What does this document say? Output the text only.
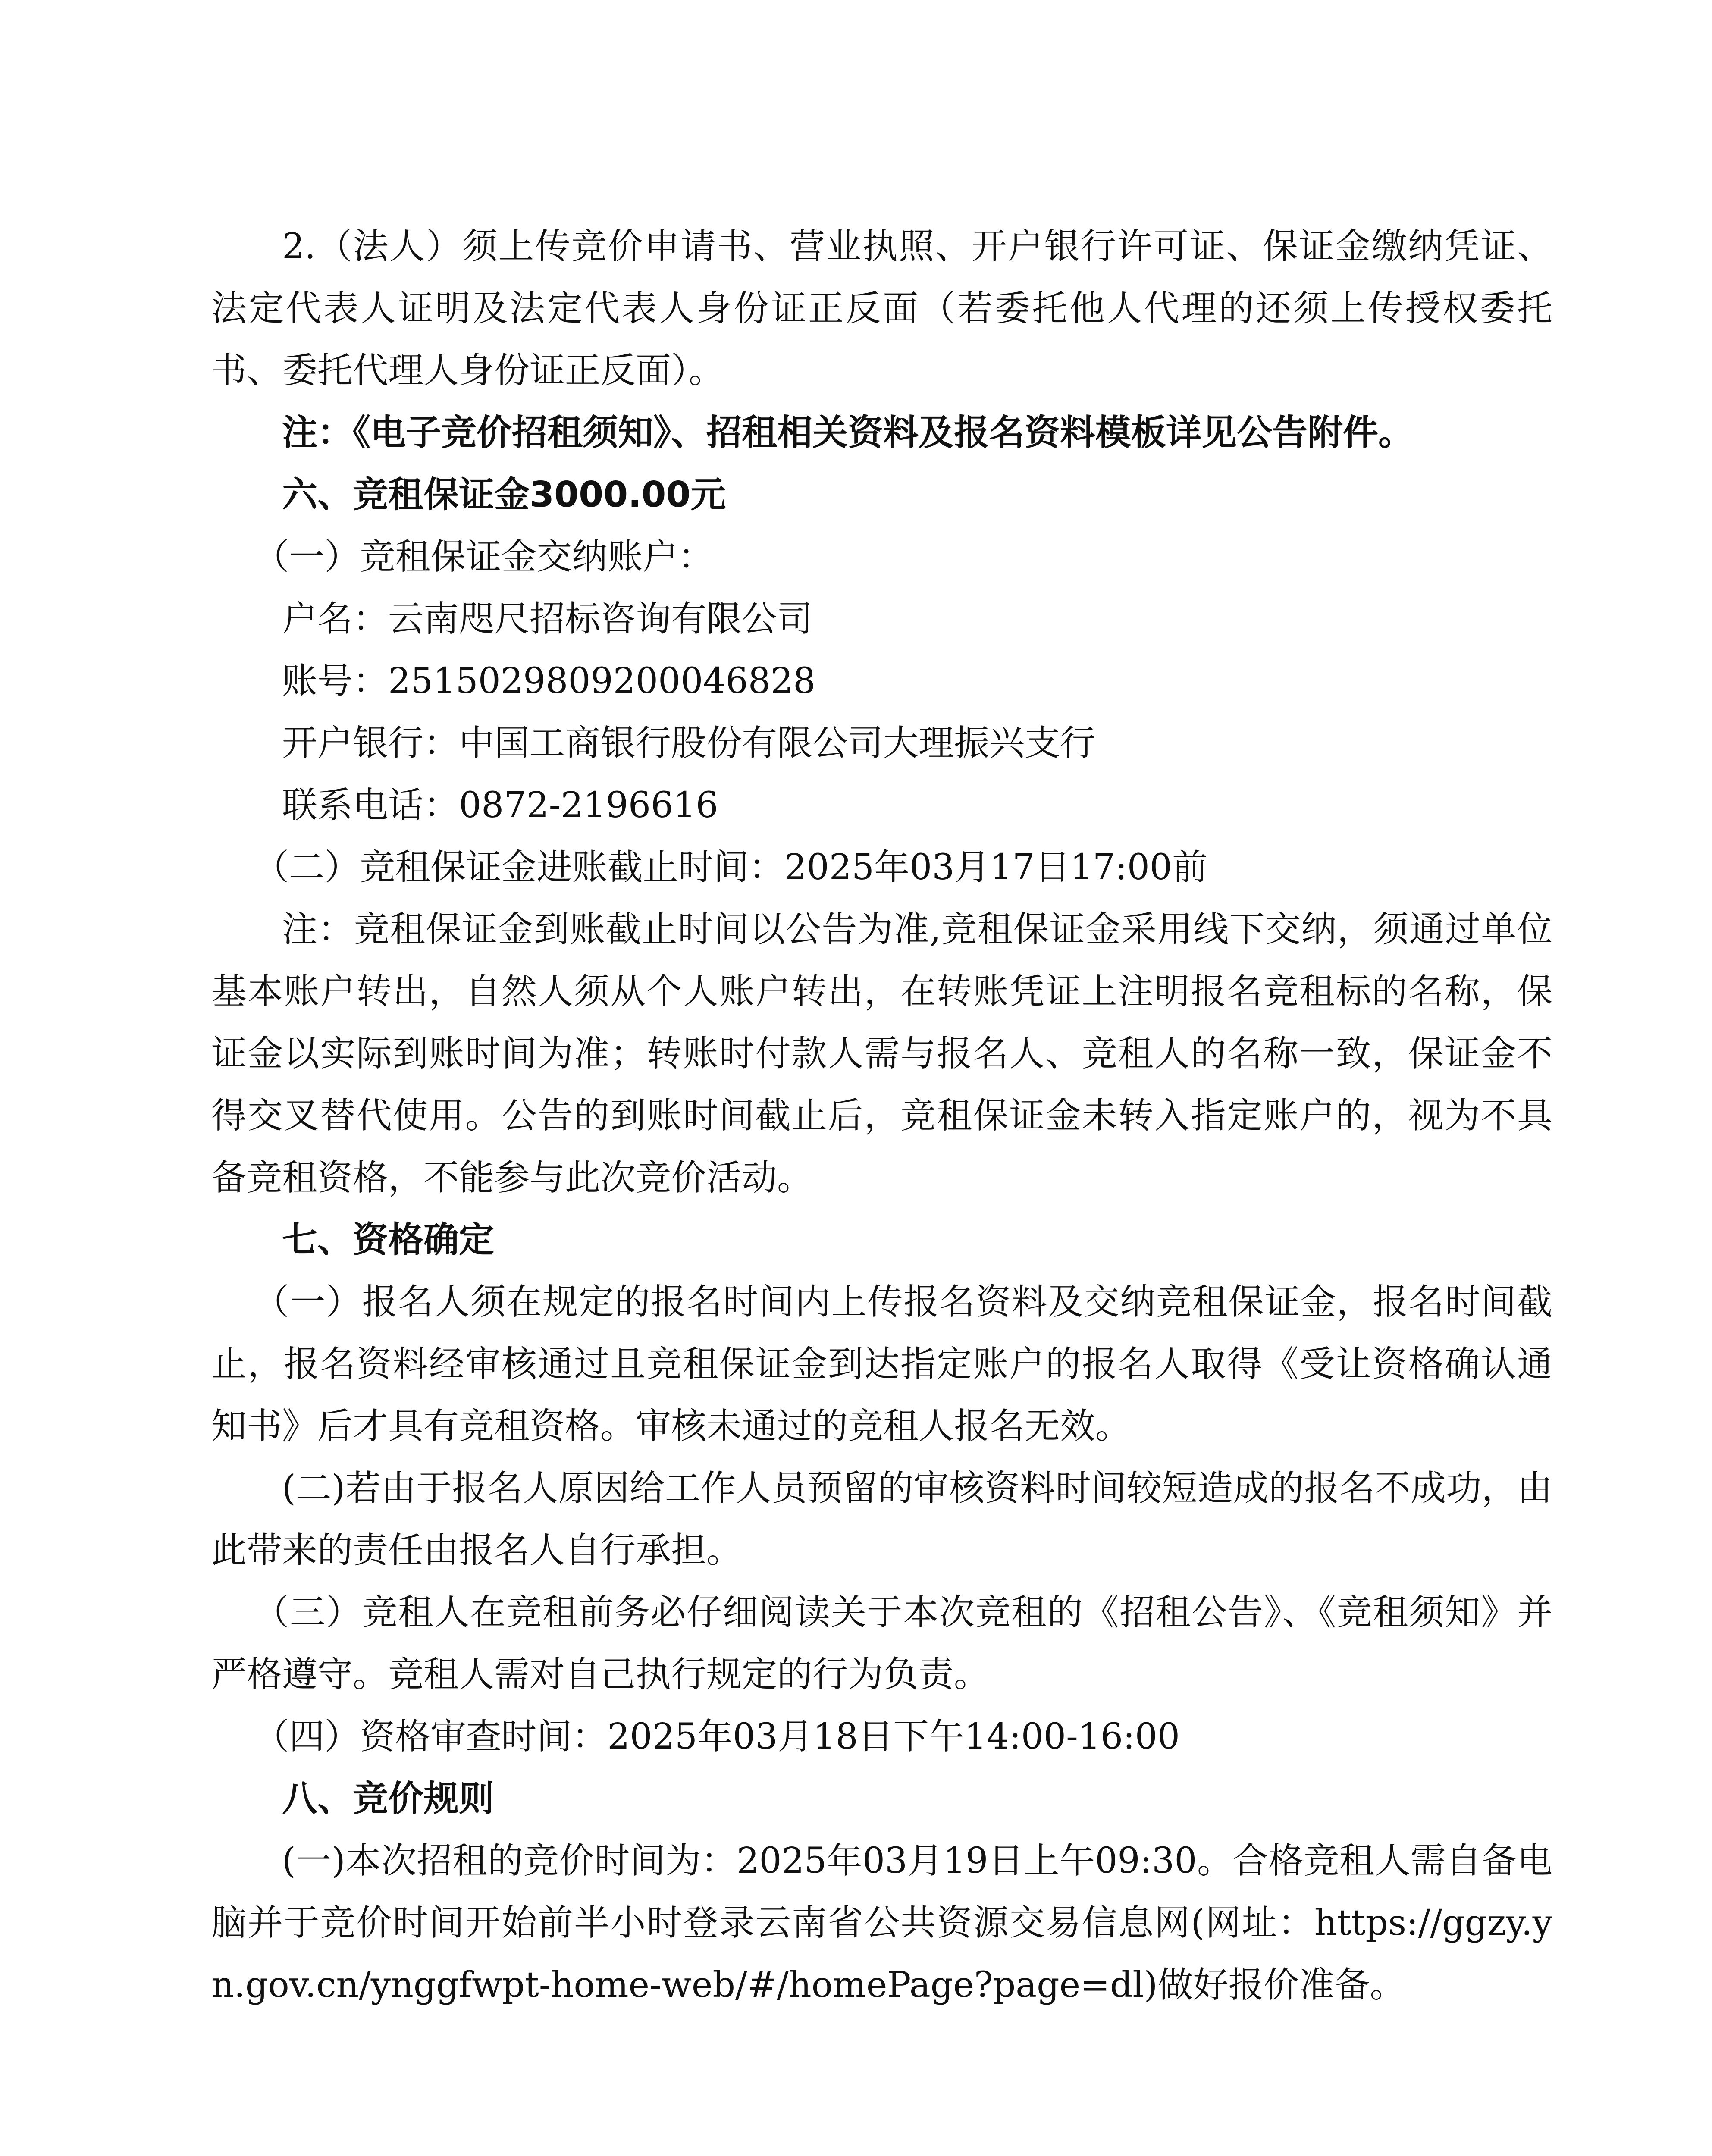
2.（法人）须上传竞价申请书、营业执照、开户银行许可证、保证金缴纳凭证、法定代表人证明及法定代表人身份证正反面（若委托他人代理的还须上传授权委托书、委托代理人身份证正反面）。

注：《电子竞价招租须知》、招租相关资料及报名资料模板详见公告附件。

六、竞租保证金3000.00元

（一）竞租保证金交纳账户：

户名：云南咫尺招标咨询有限公司

账号：2515029809200046828

开户银行：中国工商银行股份有限公司大理振兴支行

联系电话：0872-2196616

（二）竞租保证金进账截止时间：2025年03月17日17:00前

注：竞租保证金到账截止时间以公告为准,竞租保证金采用线下交纳，须通过单位基本账户转出，自然人须从个人账户转出，在转账凭证上注明报名竞租标的名称，保证金以实际到账时间为准；转账时付款人需与报名人、竞租人的名称一致，保证金不得交叉替代使用。公告的到账时间截止后，竞租保证金未转入指定账户的，视为不具备竞租资格，不能参与此次竞价活动。

七、资格确定

（一）报名人须在规定的报名时间内上传报名资料及交纳竞租保证金，报名时间截止，报名资料经审核通过且竞租保证金到达指定账户的报名人取得《受让资格确认通知书》后才具有竞租资格。审核未通过的竞租人报名无效。

(二)若由于报名人原因给工作人员预留的审核资料时间较短造成的报名不成功，由此带来的责任由报名人自行承担。

（三）竞租人在竞租前务必仔细阅读关于本次竞租的《招租公告》、《竞租须知》并严格遵守。竞租人需对自己执行规定的行为负责。

（四）资格审查时间：2025年03月18日下午14:00-16:00

八、竞价规则

(一)本次招租的竞价时间为：2025年03月19日上午09:30。合格竞租人需自备电脑并于竞价时间开始前半小时登录云南省公共资源交易信息网(网址：https://ggzy.yn.gov.cn/ynggfwpt-home-web/#/homePage?page=dl)做好报价准备。
